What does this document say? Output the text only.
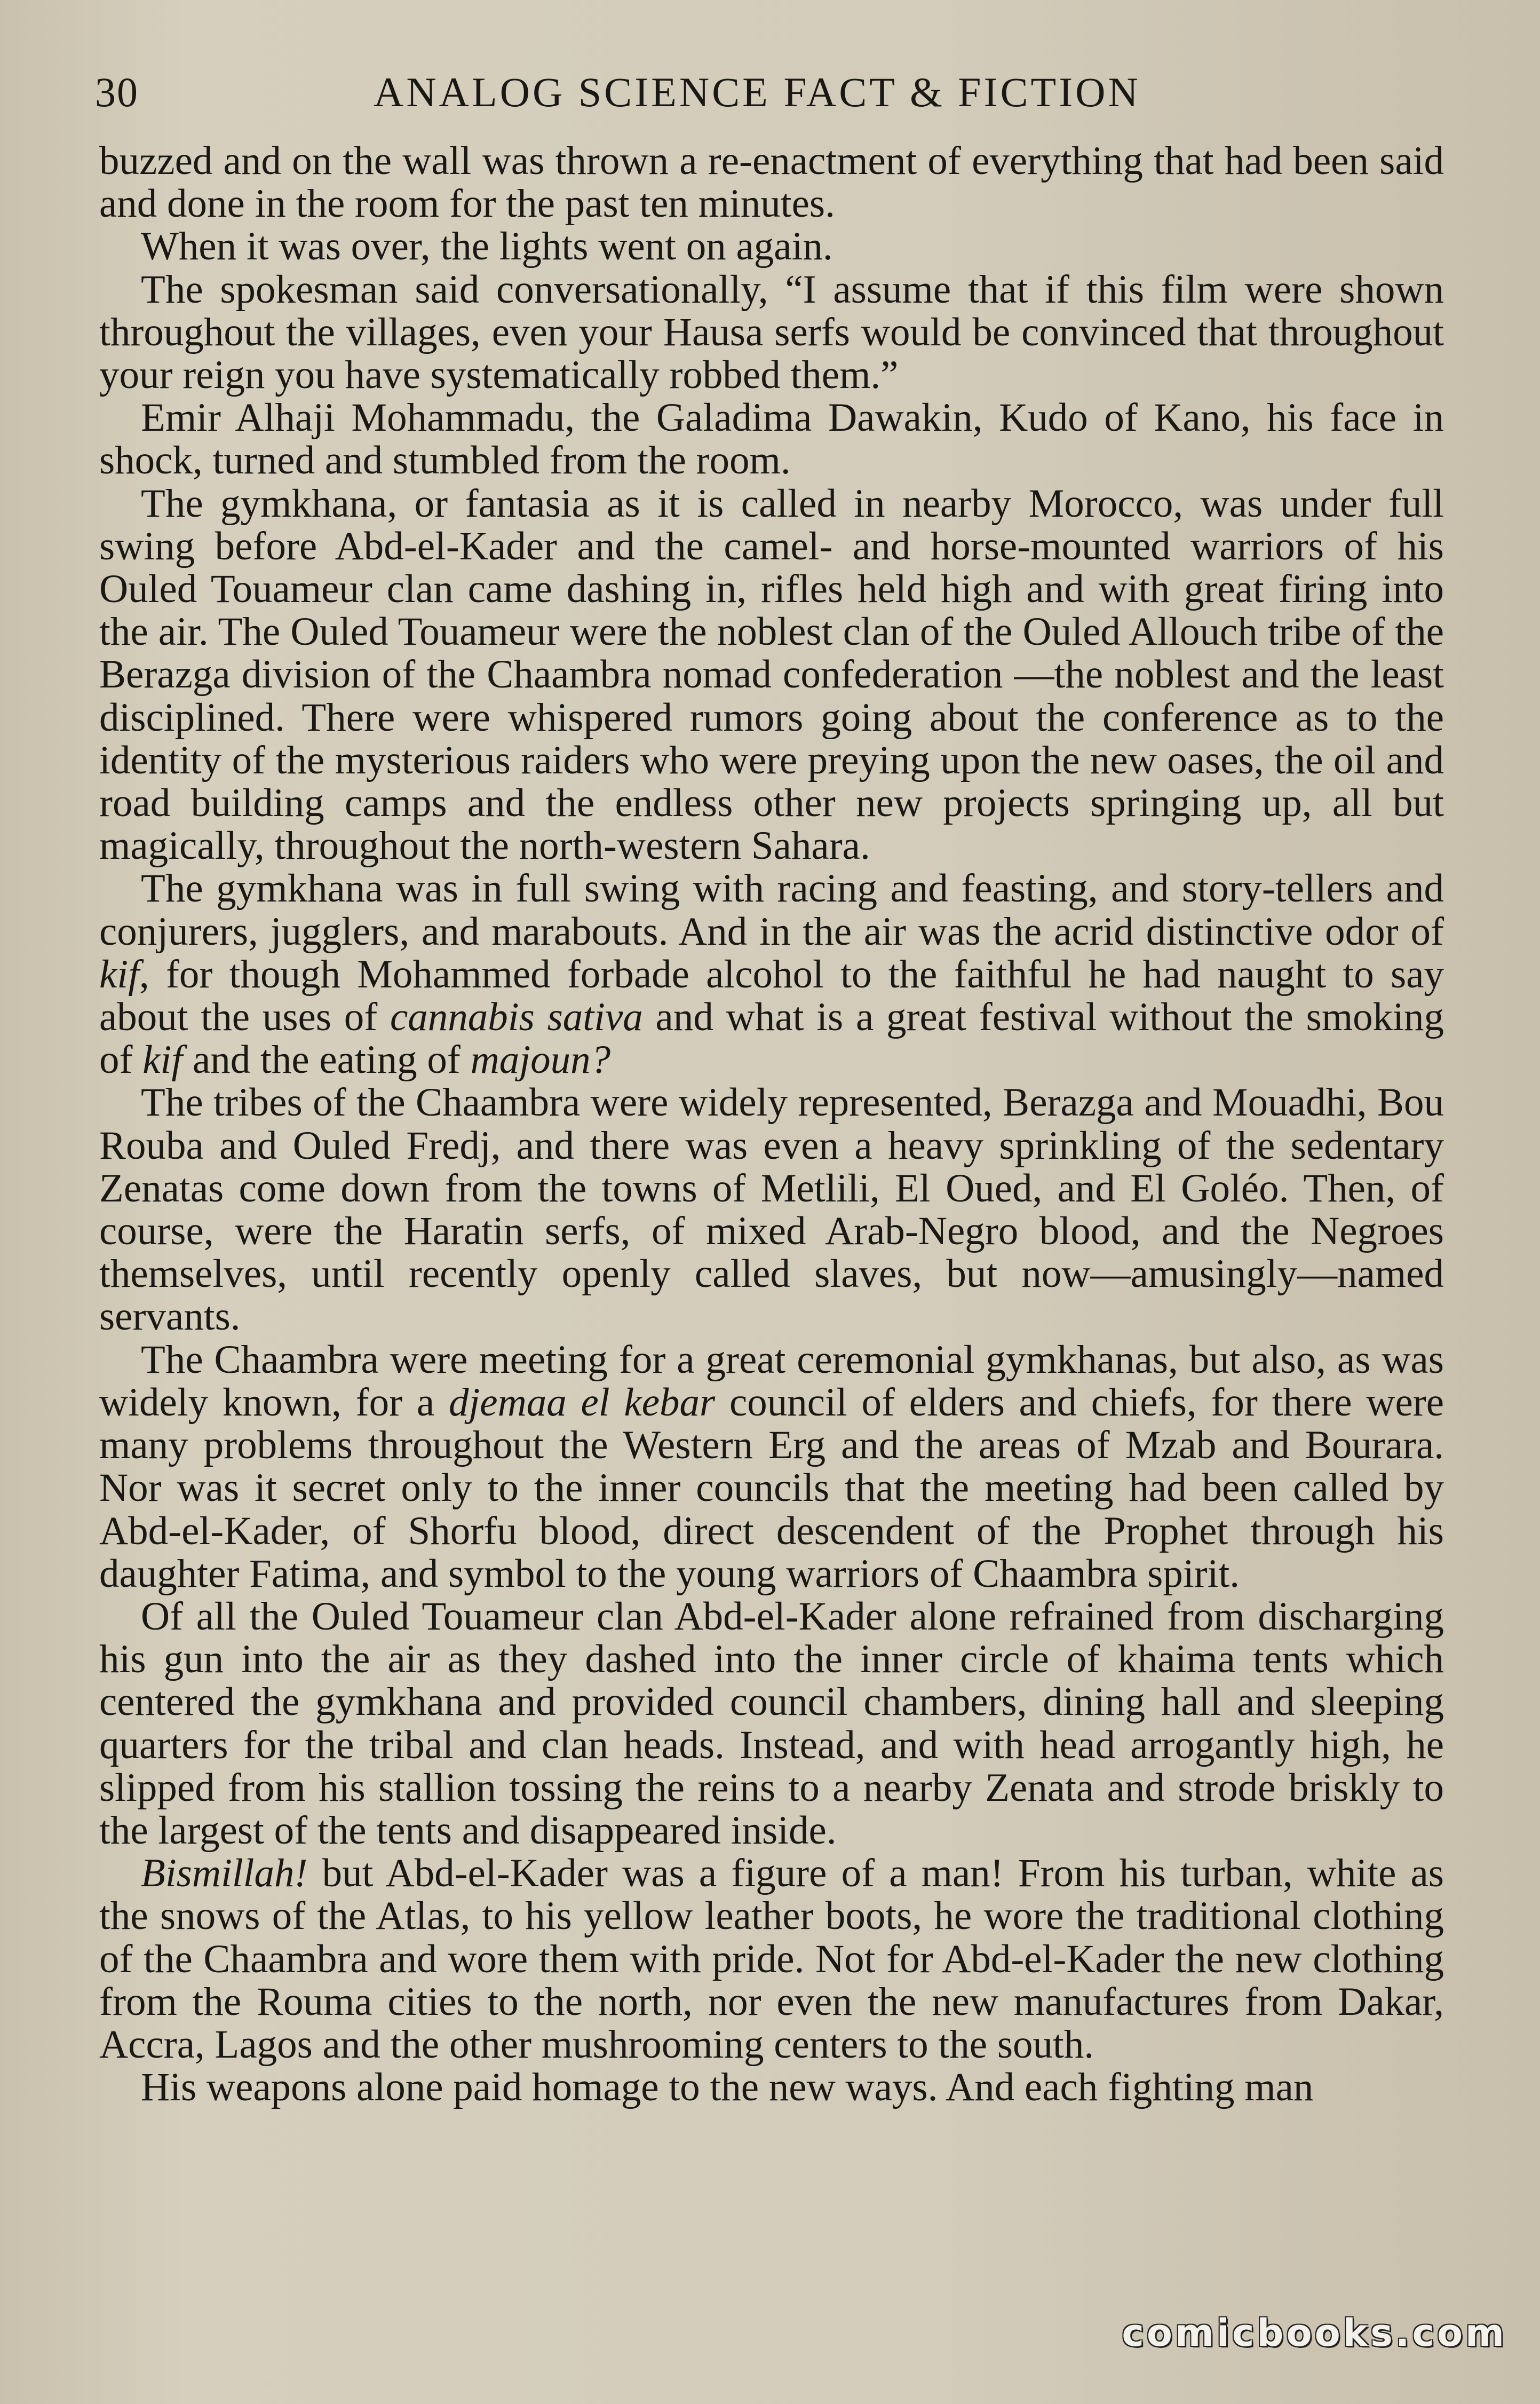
30	ANALOG SCIENCE FACT & FICTION

buzzed and on the wall was thrown a re-enactment of everything that had been said and done in the room for the past ten minutes.

When it was over, the lights went on again.

The spokesman said conversationally, “I assume that if this film were shown throughout the villages, even your Hausa serfs would be convinced that throughout your reign you have systematically robbed them.”

Emir Alhaji Mohammadu, the Galadima Dawakin, Kudo of Kano, his face in shock, turned and stumbled from the room.

The gymkhana, or fantasia as it is called in nearby Morocco, was under full swing before Abd-el-Kader and the camel- and horse-mounted warriors of his Ouled Touameur clan came dashing in, rifles held high and with great firing into the air. The Ouled Touameur were the noblest clan of the Ouled Allouch tribe of the Berazga division of the Chaambra nomad confederation —the noblest and the least disciplined. There were whispered rumors going about the conference as to the identity of the mysterious raiders who were preying upon the new oases, the oil and road building camps and the endless other new projects springing up, all but magically, throughout the north-western Sahara.

The gymkhana was in full swing with racing and feasting, and story-tellers and conjurers, jugglers, and marabouts. And in the air was the acrid distinctive odor of kif, for though Mohammed forbade alcohol to the faithful he had naught to say about the uses of cannabis sativa and what is a great festival without the smoking of kif and the eating of majoun?

The tribes of the Chaambra were widely represented, Berazga and Mouadhi, Bou Rouba and Ouled Fredj, and there was even a heavy sprinkling of the sedentary Zenatas come down from the towns of Metlili, El Oued, and El Goléo. Then, of course, were the Haratin serfs, of mixed Arab-Negro blood, and the Negroes themselves, until recently openly called slaves, but now—amusingly—named servants.

The Chaambra were meeting for a great ceremonial gymkhanas, but also, as was widely known, for a djemaa el kebar council of elders and chiefs, for there were many problems throughout the Western Erg and the areas of Mzab and Bourara. Nor was it secret only to the inner councils that the meeting had been called by Abd-el-Kader, of Shorfu blood, direct descendent of the Prophet through his daughter Fatima, and symbol to the young warriors of Chaambra spirit.

Of all the Ouled Touameur clan Abd-el-Kader alone refrained from discharging his gun into the air as they dashed into the inner circle of khaima tents which centered the gymkhana and provided council chambers, dining hall and sleeping quarters for the tribal and clan heads. Instead, and with head arrogantly high, he slipped from his stallion tossing the reins to a nearby Zenata and strode briskly to the largest of the tents and disappeared inside.

Bismillah! but Abd-el-Kader was a figure of a man! From his turban, white as the snows of the Atlas, to his yellow leather boots, he wore the traditional clothing of the Chaambra and wore them with pride. Not for Abd-el-Kader the new clothing from the Rouma cities to the north, nor even the new manufactures from Dakar, Accra, Lagos and the other mushrooming centers to the south.

His weapons alone paid homage to the new ways. And each fighting man

comicbooks.com
